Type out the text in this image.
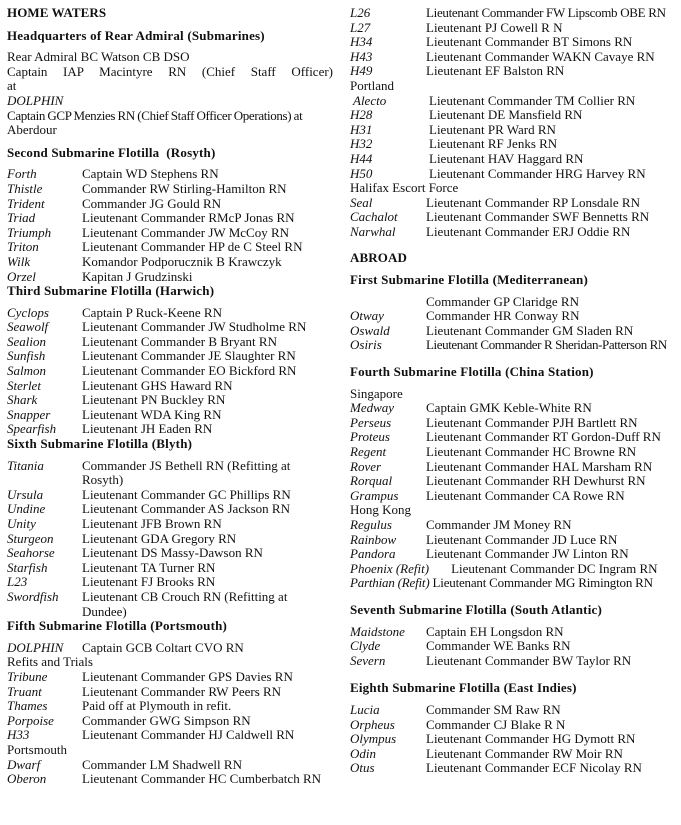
HOME WATERS
Headquarters of Rear Admiral (Submarines)
Rear Admiral BC Watson CB DSO
Captain IAP Macintyre RN (Chief Staff Officer) at
DOLPHIN
Captain GCP Menzies RN (Chief Staff Officer Operations) at
Aberdour
Second Submarine Flotilla  (Rosyth)
Forth	Captain WD Stephens RN
Thistle	Commander RW Stirling-Hamilton RN
Trident	Commander JG Gould RN
Triad	Lieutenant Commander RMcP Jonas RN
Triumph	Lieutenant Commander JW McCoy RN
Triton	Lieutenant Commander HP de C Steel RN
Wilk	Komandor Podporucznik B Krawczyk
Orzel	Kapitan J Grudzinski
Third Submarine Flotilla (Harwich)
Cyclops	Captain P Ruck-Keene RN
Seawolf	Lieutenant Commander JW Studholme RN
Sealion	Lieutenant Commander B Bryant RN
Sunfish	Lieutenant Commander JE Slaughter RN
Salmon	Lieutenant Commander EO Bickford RN
Sterlet	Lieutenant GHS Haward RN
Shark	Lieutenant PN Buckley RN
Snapper	Lieutenant WDA King RN
Spearfish	Lieutenant JH Eaden RN
Sixth Submarine Flotilla (Blyth)
Titania	Commander JS Bethell RN (Refitting at Rosyth)
Ursula	Lieutenant Commander GC Phillips RN
Undine	Lieutenant Commander AS Jackson RN
Unity	Lieutenant JFB Brown RN
Sturgeon	Lieutenant GDA Gregory RN
Seahorse	Lieutenant DS Massy-Dawson RN
Starfish	Lieutenant TA Turner RN
L23	Lieutenant FJ Brooks RN
Swordfish	Lieutenant CB Crouch RN (Refitting at Dundee)
Fifth Submarine Flotilla (Portsmouth)
DOLPHIN	Captain GCB Coltart CVO RN
Refits and Trials
Tribune	Lieutenant Commander GPS Davies RN
Truant	Lieutenant Commander RW Peers RN
Thames	Paid off at Plymouth in refit.
Porpoise	Commander GWG Simpson RN
H33	Lieutenant Commander HJ Caldwell RN
Portsmouth
Dwarf	Commander LM Shadwell RN
Oberon	Lieutenant Commander HC Cumberbatch RN
L26	Lieutenant Commander FW Lipscomb OBE RN
L27	Lieutenant PJ Cowell R N
H34	Lieutenant Commander BT Simons RN
H43	Lieutenant Commander WAKN Cavaye RN
H49	Lieutenant EF Balston RN
Portland
Alecto	Lieutenant Commander TM Collier RN
H28	Lieutenant DE Mansfield RN
H31	Lieutenant PR Ward RN
H32	Lieutenant RF Jenks RN
H44	Lieutenant HAV Haggard RN
H50	Lieutenant Commander HRG Harvey RN
Halifax Escort Force
Seal	Lieutenant Commander RP Lonsdale RN
Cachalot	Lieutenant Commander SWF Bennetts RN
Narwhal	Lieutenant Commander ERJ Oddie RN
ABROAD
First Submarine Flotilla (Mediterranean)
	Commander GP Claridge RN
Otway	Commander HR Conway RN
Oswald	Lieutenant Commander GM Sladen RN
Osiris	Lieutenant Commander R Sheridan-Patterson RN
Fourth Submarine Flotilla (China Station)
Singapore
Medway	Captain GMK Keble-White RN
Perseus	Lieutenant Commander PJH Bartlett RN
Proteus	Lieutenant Commander RT Gordon-Duff RN
Regent	Lieutenant Commander HC Browne RN
Rover	Lieutenant Commander HAL Marsham RN
Rorqual	Lieutenant Commander RH Dewhurst RN
Grampus	Lieutenant Commander CA Rowe RN
Hong Kong
Regulus	Commander JM Money RN
Rainbow	Lieutenant Commander JD Luce RN
Pandora	Lieutenant Commander JW Linton RN
Phoenix (Refit) Lieutenant Commander DC Ingram RN
Parthian (Refit) Lieutenant Commander MG Rimington RN
Seventh Submarine Flotilla (South Atlantic)
Maidstone	Captain EH Longsdon RN
Clyde	Commander WE Banks RN
Severn	Lieutenant Commander BW Taylor RN
Eighth Submarine Flotilla (East Indies)
Lucia	Commander SM Raw RN
Orpheus	Commander CJ Blake R N
Olympus	Lieutenant Commander HG Dymott RN
Odin	Lieutenant Commander RW Moir RN
Otus	Lieutenant Commander ECF Nicolay RN
